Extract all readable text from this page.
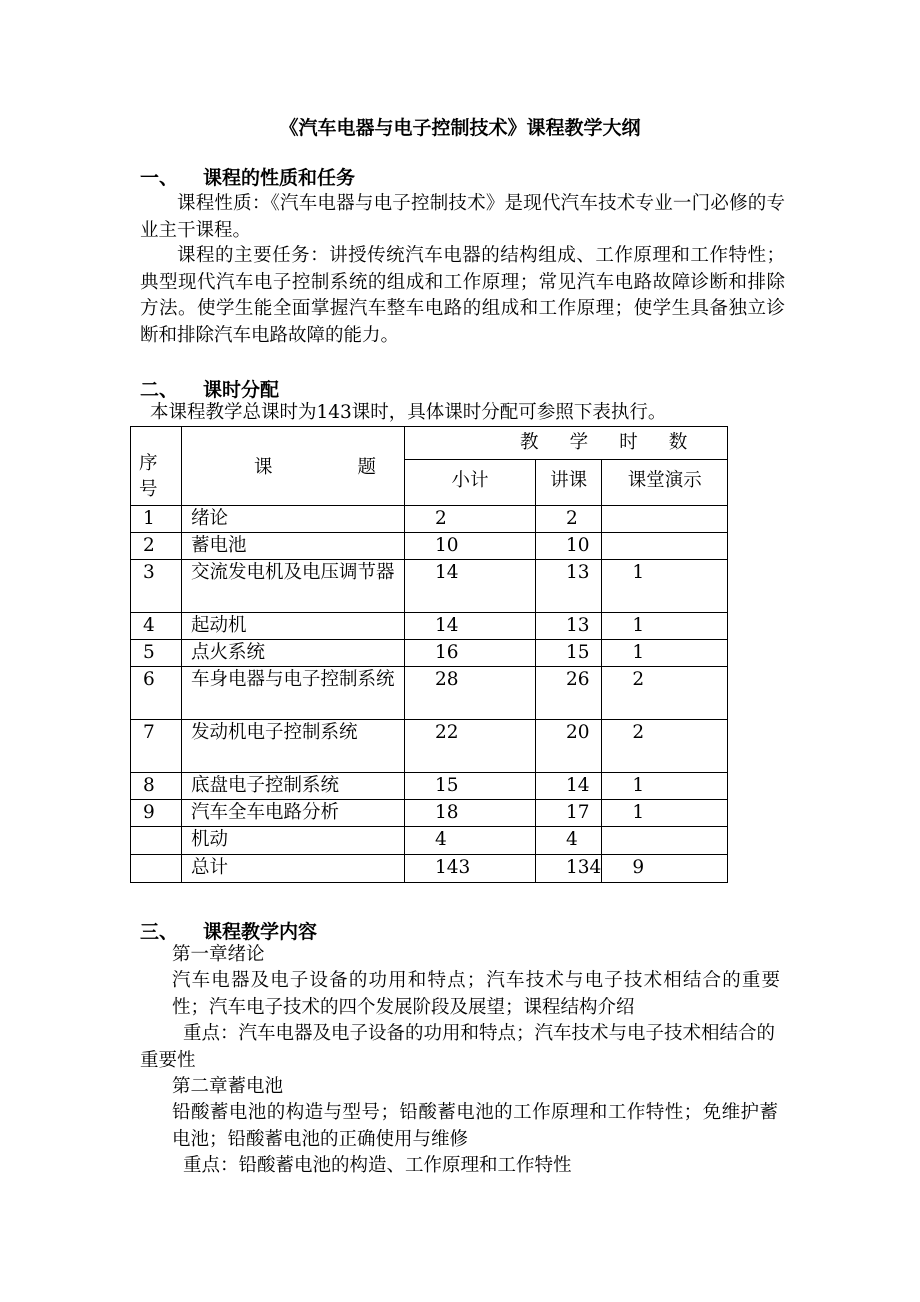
《汽车电器与电子控制技术》课程教学大纲
一、 课程的性质和任务
课程性质：《汽车电器与电子控制技术》是现代汽车技术专业一门必修的专业主干课程。
课程的主要任务：讲授传统汽车电器的结构组成、工作原理和工作特性；典型现代汽车电子控制系统的组成和工作原理；常见汽车电路故障诊断和排除方法。使学生能全面掌握汽车整车电路的组成和工作原理；使学生具备独立诊断和排除汽车电路故障的能力。
二、 课时分配
本课程教学总课时为143课时，具体课时分配可参照下表执行。
序号	课题	教学时数		

		小计	讲课	课堂演示
1	绪论	2	2	
2	蓄电池	10	10	
3	交流发电机及电压调节器	14	13	1
4	起动机	14	13	1
5	点火系统	16	15	1
6	车身电器与电子控制系统	28	26	2
7	发动机电子控制系统	22	20	2
8	底盘电子控制系统	15	14	1
9	汽车全车电路分析	18	17	1
	机动	4	4	
	总计	143	134	9
三、 课程教学内容
第一章绪论
汽车电器及电子设备的功用和特点；汽车技术与电子技术相结合的重要性；汽车电子技术的四个发展阶段及展望；课程结构介绍
重点：汽车电器及电子设备的功用和特点；汽车技术与电子技术相结合的重要性
第二章蓄电池
铅酸蓄电池的构造与型号；铅酸蓄电池的工作原理和工作特性；免维护蓄电池；铅酸蓄电池的正确使用与维修
重点：铅酸蓄电池的构造、工作原理和工作特性
